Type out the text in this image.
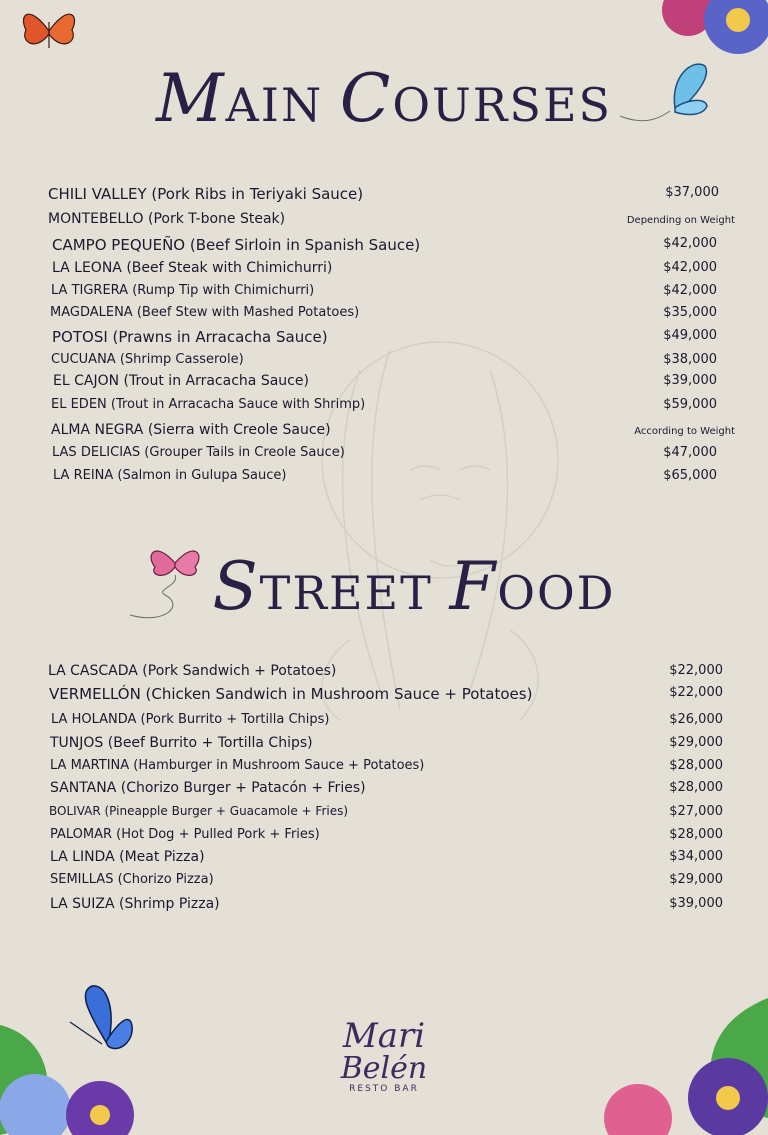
MAIN COURSES
CHILI VALLEY (Pork Ribs in Teriyaki Sauce)	$37,000
MONTEBELLO (Pork T-bone Steak)	Depending on Weight
CAMPO PEQUEÑO (Beef Sirloin in Spanish Sauce)	$42,000
LA LEONA (Beef Steak with Chimichurri)	$42,000
LA TIGRERA (Rump Tip with Chimichurri)	$42,000
MAGDALENA (Beef Stew with Mashed Potatoes)	$35,000
POTOSI (Prawns in Arracacha Sauce)	$49,000
CUCUANA (Shrimp Casserole)	$38,000
EL CAJON (Trout in Arracacha Sauce)	$39,000
EL EDEN (Trout in Arracacha Sauce with Shrimp)	$59,000
ALMA NEGRA (Sierra with Creole Sauce)	According to Weight
LAS DELICIAS (Grouper Tails in Creole Sauce)	$47,000
LA REINA (Salmon in Gulupa Sauce)	$65,000
STREET FOOD
LA CASCADA (Pork Sandwich + Potatoes)	$22,000
VERMELLÓN (Chicken Sandwich in Mushroom Sauce + Potatoes)	$22,000
LA HOLANDA (Pork Burrito + Tortilla Chips)	$26,000
TUNJOS (Beef Burrito + Tortilla Chips)	$29,000
LA MARTINA (Hamburger in Mushroom Sauce + Potatoes)	$28,000
SANTANA (Chorizo Burger + Patacón + Fries)	$28,000
BOLIVAR (Pineapple Burger + Guacamole + Fries)	$27,000
PALOMAR (Hot Dog + Pulled Pork + Fries)	$28,000
LA LINDA (Meat Pizza)	$34,000
SEMILLAS (Chorizo Pizza)	$29,000
LA SUIZA (Shrimp Pizza)	$39,000
Mari
Belén
RESTO BAR
